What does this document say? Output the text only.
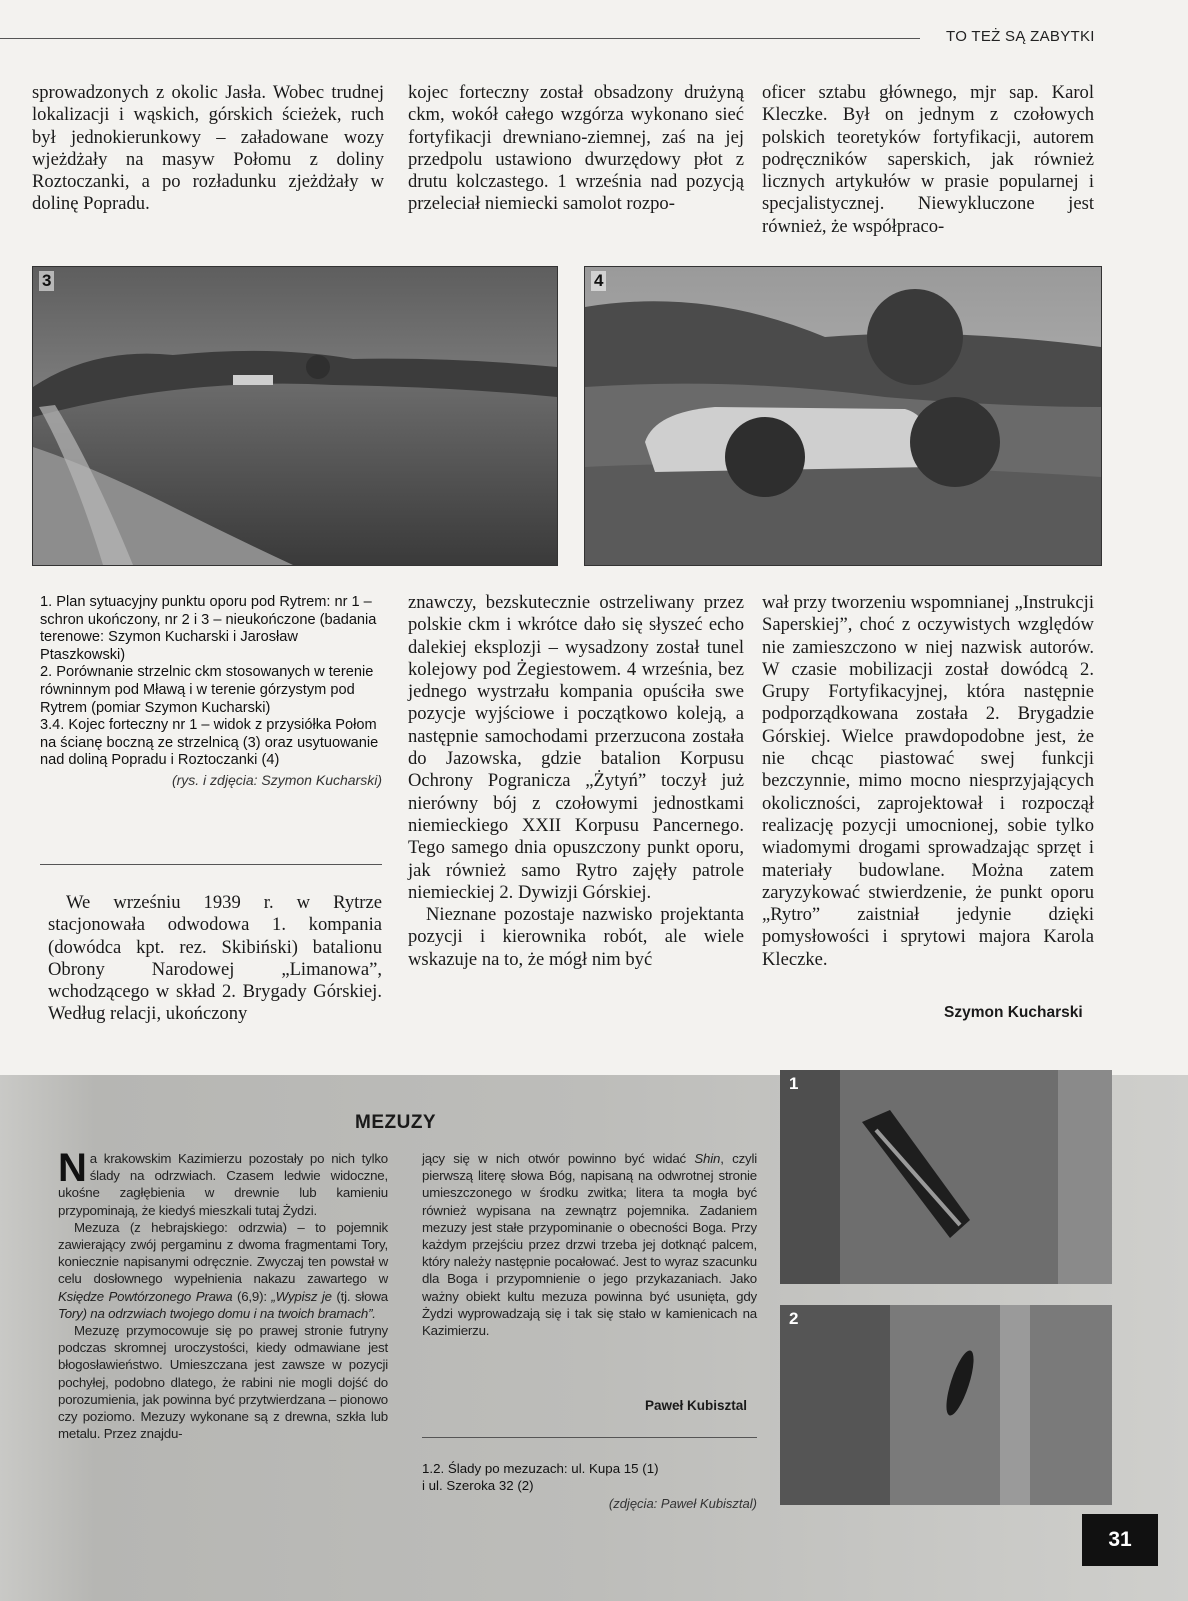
TO TEŻ SĄ ZABYTKI

sprowadzonych z okolic Jasła. Wobec trudnej lokalizacji i wąskich, górskich ścieżek, ruch był jednokierunkowy – załadowane wozy wjeżdżały na masyw Połomu z doliny Roztoczanki, a po rozładunku zjeżdżały w dolinę Popradu.

kojec forteczny został obsadzony drużyną ckm, wokół całego wzgórza wykonano sieć fortyfikacji drewniano-ziemnej, zaś na jej przedpolu ustawiono dwurzędowy płot z drutu kolczastego. 1 września nad pozycją przeleciał niemiecki samolot rozpo-

oficer sztabu głównego, mjr sap. Karol Kleczke. Był on jednym z czołowych polskich teoretyków fortyfikacji, autorem podręczników saperskich, jak również licznych artykułów w prasie popularnej i specjalistycznej. Niewykluczone jest również, że współpraco-

3	4

1. Plan sytuacyjny punktu oporu pod Rytrem: nr 1 – schron ukończony, nr 2 i 3 – nieukończone (badania terenowe: Szymon Kucharski i Jarosław Ptaszkowski)

2. Porównanie strzelnic ckm stosowanych w terenie równinnym pod Mławą i w terenie górzystym pod Rytrem (pomiar Szymon Kucharski)

3.4. Kojec forteczny nr 1 – widok z przysiółka Połom na ścianę boczną ze strzelnicą (3) oraz usytuowanie nad doliną Popradu i Roztoczanki (4)

(rys. i zdjęcia: Szymon Kucharski)

We wrześniu 1939 r. w Rytrze stacjonowała odwodowa 1. kompania (dowódca kpt. rez. Skibiński) batalionu Obrony Narodowej „Limanowa”, wchodzącego w skład 2. Brygady Górskiej. Według relacji, ukończony

znawczy, bezskutecznie ostrzeliwany przez polskie ckm i wkrótce dało się słyszeć echo dalekiej eksplozji – wysadzony został tunel kolejowy pod Żegiestowem. 4 września, bez jednego wystrzału kompania opuściła swe pozycje wyjściowe i początkowo koleją, a następnie samochodami przerzucona została do Jazowska, gdzie batalion Korpusu Ochrony Pogranicza „Żytyń” toczył już nierówny bój z czołowymi jednostkami niemieckiego XXII Korpusu Pancernego. Tego samego dnia opuszczony punkt oporu, jak również samo Rytro zajęły patrole niemieckiej 2. Dywizji Górskiej.

Nieznane pozostaje nazwisko projektanta pozycji i kierownika robót, ale wiele wskazuje na to, że mógł nim być

wał przy tworzeniu wspomnianej „Instrukcji Saperskiej”, choć z oczywistych względów nie zamieszczono w niej nazwisk autorów. W czasie mobilizacji został dowódcą 2. Grupy Fortyfikacyjnej, która następnie podporządkowana została 2. Brygadzie Górskiej. Wielce prawdopodobne jest, że nie chcąc piastować swej funkcji bezczynnie, mimo mocno niesprzyjających okoliczności, zaprojektował i rozpoczął realizację pozycji umocnionej, sobie tylko wiadomymi drogami sprowadzając sprzęt i materiały budowlane. Można zatem zaryzykować stwierdzenie, że punkt oporu „Rytro” zaistniał jedynie dzięki pomysłowości i sprytowi majora Karola Kleczke.

Szymon Kucharski
MEZUZY

Na krakowskim Kazimierzu pozostały po nich tylko ślady na odrzwiach. Czasem ledwie widoczne, ukośne zagłębienia w drewnie lub kamieniu przypominają, że kiedyś mieszkali tutaj Żydzi.

Mezuza (z hebrajskiego: odrzwia) – to pojemnik zawierający zwój pergaminu z dwoma fragmentami Tory, koniecznie napisanymi odręcznie. Zwyczaj ten powstał w celu dosłownego wypełnienia nakazu zawartego w Księdze Powtórzonego Prawa (6,9): „Wypisz je (tj. słowa Tory) na odrzwiach twojego domu i na twoich bramach”.

Mezuzę przymocowuje się po prawej stronie futryny podczas skromnej uroczystości, kiedy odmawiane jest błogosławieństwo. Umieszczana jest zawsze w pozycji pochyłej, podobno dlatego, że rabini nie mogli dojść do porozumienia, jak powinna być przytwierdzana – pionowo czy poziomo. Mezuzy wykonane są z drewna, szkła lub metalu. Przez znajdu-

jący się w nich otwór powinno być widać Shin, czyli pierwszą literę słowa Bóg, napisaną na odwrotnej stronie umieszczonego w środku zwitka; litera ta mogła być również wypisana na zewnątrz pojemnika. Zadaniem mezuzy jest stałe przypominanie o obecności Boga. Przy każdym przejściu przez drzwi trzeba jej dotknąć palcem, który należy następnie pocałować. Jest to wyraz szacunku dla Boga i przypomnienie o jego przykazaniach. Jako ważny obiekt kultu mezuza powinna być usunięta, gdy Żydzi wyprowadzają się i tak się stało w kamienicach na Kazimierzu.

Paweł Kubisztal

1.2. Ślady po mezuzach: ul. Kupa 15 (1)

i ul. Szeroka 32 (2)

(zdjęcia: Paweł Kubisztal)

1
2
31
